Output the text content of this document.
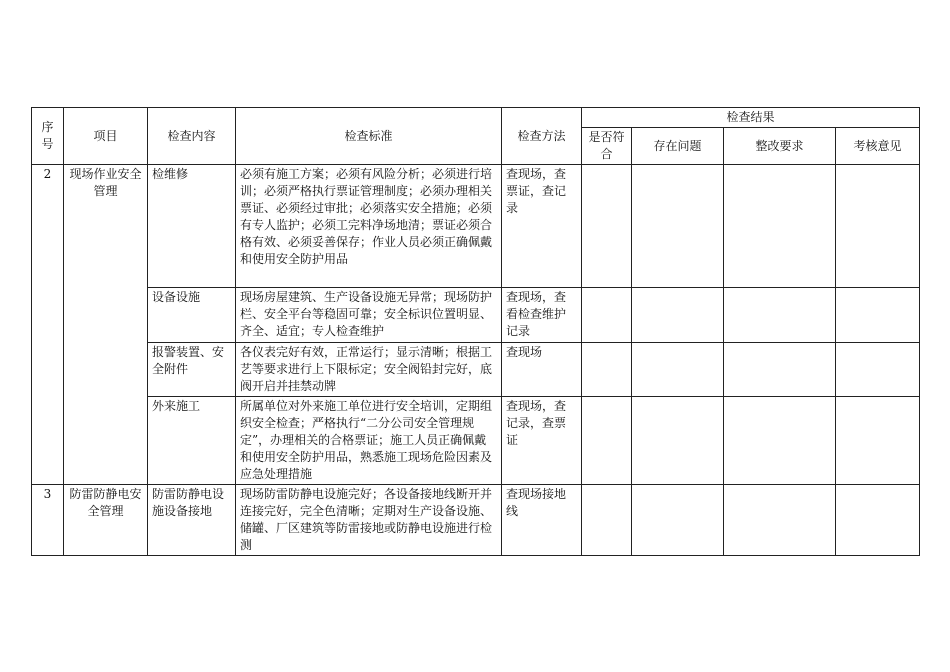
序号	项目	检查内容	检查标准	检查方法	检查结果			
					是否符合	存在问题	整改要求	考核意见
2	现场作业安全管理	检维修	必须有施工方案；必须有风险分析；必须进行培训；必须严格执行票证管理制度；必须办理相关票证、必须经过审批；必须落实安全措施；必须有专人监护；必须工完料净场地清；票证必须合格有效、必须妥善保存；作业人员必须正确佩戴和使用安全防护用品	查现场，查票证，查记录				
		设备设施	现场房屋建筑、生产设备设施无异常；现场防护栏、安全平台等稳固可靠；安全标识位置明显、齐全、适宜；专人检查维护	查现场，查看检查维护记录				
		报警装置、安全附件	各仪表完好有效，正常运行；显示清晰；根据工艺等要求进行上下限标定；安全阀铅封完好，底阀开启并挂禁动牌	查现场				
		外来施工	所属单位对外来施工单位进行安全培训，定期组织安全检查；严格执行“二分公司安全管理规定”，办理相关的合格票证；施工人员正确佩戴和使用安全防护用品，熟悉施工现场危险因素及应急处理措施	查现场，查记录，查票证				
3	防雷防静电安全管理	防雷防静电设施设备接地	现场防雷防静电设施完好；各设备接地线断开并连接完好，完全色清晰；定期对生产设备设施、储罐、厂区建筑等防雷接地或防静电设施进行检测	查现场接地线				
